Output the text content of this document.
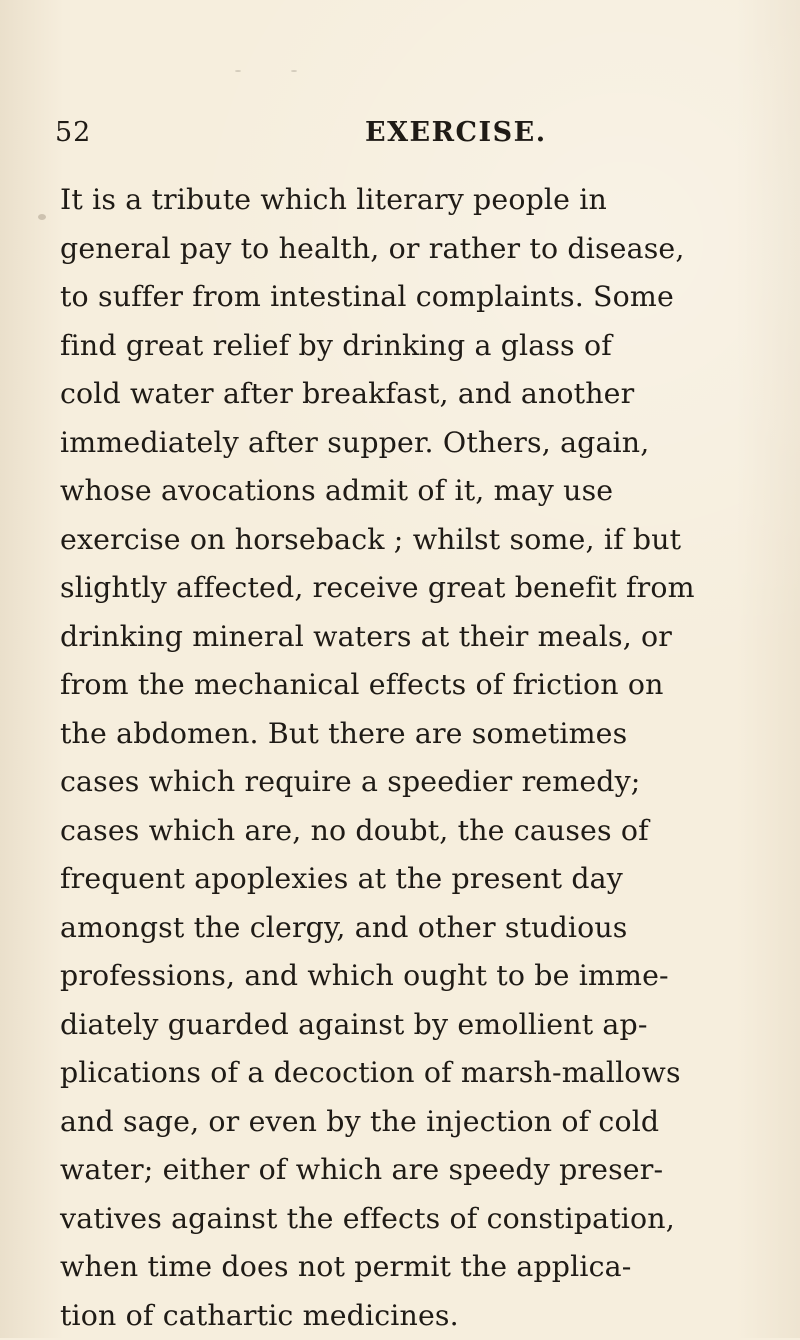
52	EXERCISE.
It is a tribute which literary people in
general pay to health, or rather to disease,
to suffer from intestinal complaints. Some
find great relief by drinking a glass of
cold water after breakfast, and another
immediately after supper. Others, again,
whose avocations admit of it, may use
exercise on horseback ; whilst some, if but
slightly affected, receive great benefit from
drinking mineral waters at their meals, or
from the mechanical effects of friction on
the abdomen. But there are sometimes
cases which require a speedier remedy;
cases which are, no doubt, the causes of
frequent apoplexies at the present day
amongst the clergy, and other studious
professions, and which ought to be imme-
diately guarded against by emollient ap-
plications of a decoction of marsh-mallows
and sage, or even by the injection of cold
water; either of which are speedy preser-
vatives against the effects of constipation,
when time does not permit the applica-
tion of cathartic medicines.
